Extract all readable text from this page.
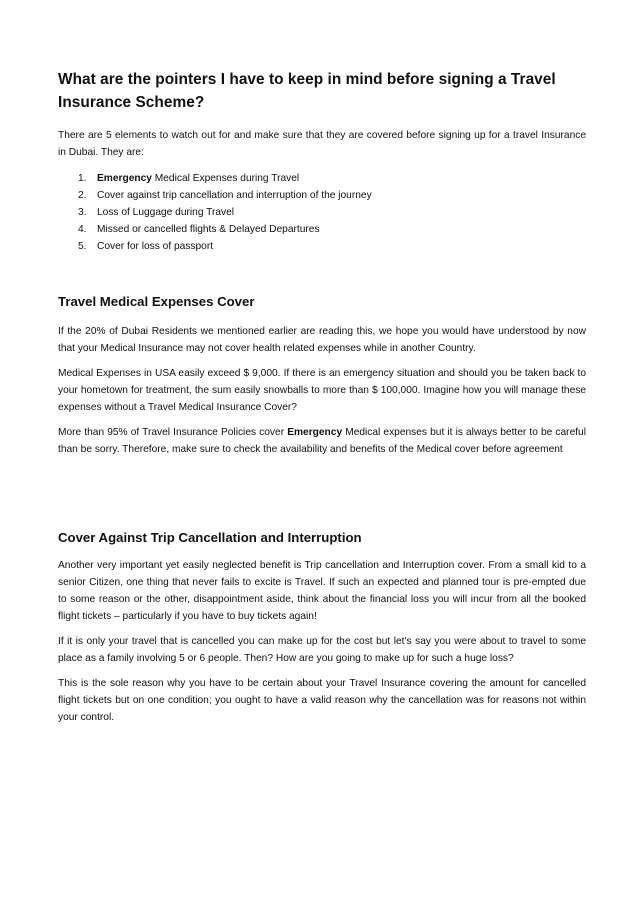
What are the pointers I have to keep in mind before signing a Travel Insurance Scheme?

There are 5 elements to watch out for and make sure that they are covered before signing up for a travel Insurance in Dubai. They are:

1. Emergency Medical Expenses during Travel
2. Cover against trip cancellation and interruption of the journey
3. Loss of Luggage during Travel
4. Missed or cancelled flights & Delayed Departures
5. Cover for loss of passport
Travel Medical Expenses Cover

If the 20% of Dubai Residents we mentioned earlier are reading this, we hope you would have understood by now that your Medical Insurance may not cover health related expenses while in another Country.

Medical Expenses in USA easily exceed $ 9,000. If there is an emergency situation and should you be taken back to your hometown for treatment, the sum easily snowballs to more than $ 100,000. Imagine how you will manage these expenses without a Travel Medical Insurance Cover?

More than 95% of Travel Insurance Policies cover Emergency Medical expenses but it is always better to be careful than be sorry. Therefore, make sure to check the availability and benefits of the Medical cover before agreement

Cover Against Trip Cancellation and Interruption

Another very important yet easily neglected benefit is Trip cancellation and Interruption cover. From a small kid to a senior Citizen, one thing that never fails to excite is Travel. If such an expected and planned tour is pre-empted due to some reason or the other, disappointment aside, think about the financial loss you will incur from all the booked flight tickets – particularly if you have to buy tickets again!

If it is only your travel that is cancelled you can make up for the cost but let’s say you were about to travel to some place as a family involving 5 or 6 people. Then? How are you going to make up for such a huge loss?

This is the sole reason why you have to be certain about your Travel Insurance covering the amount for cancelled flight tickets but on one condition; you ought to have a valid reason why the cancellation was for reasons not within your control.
